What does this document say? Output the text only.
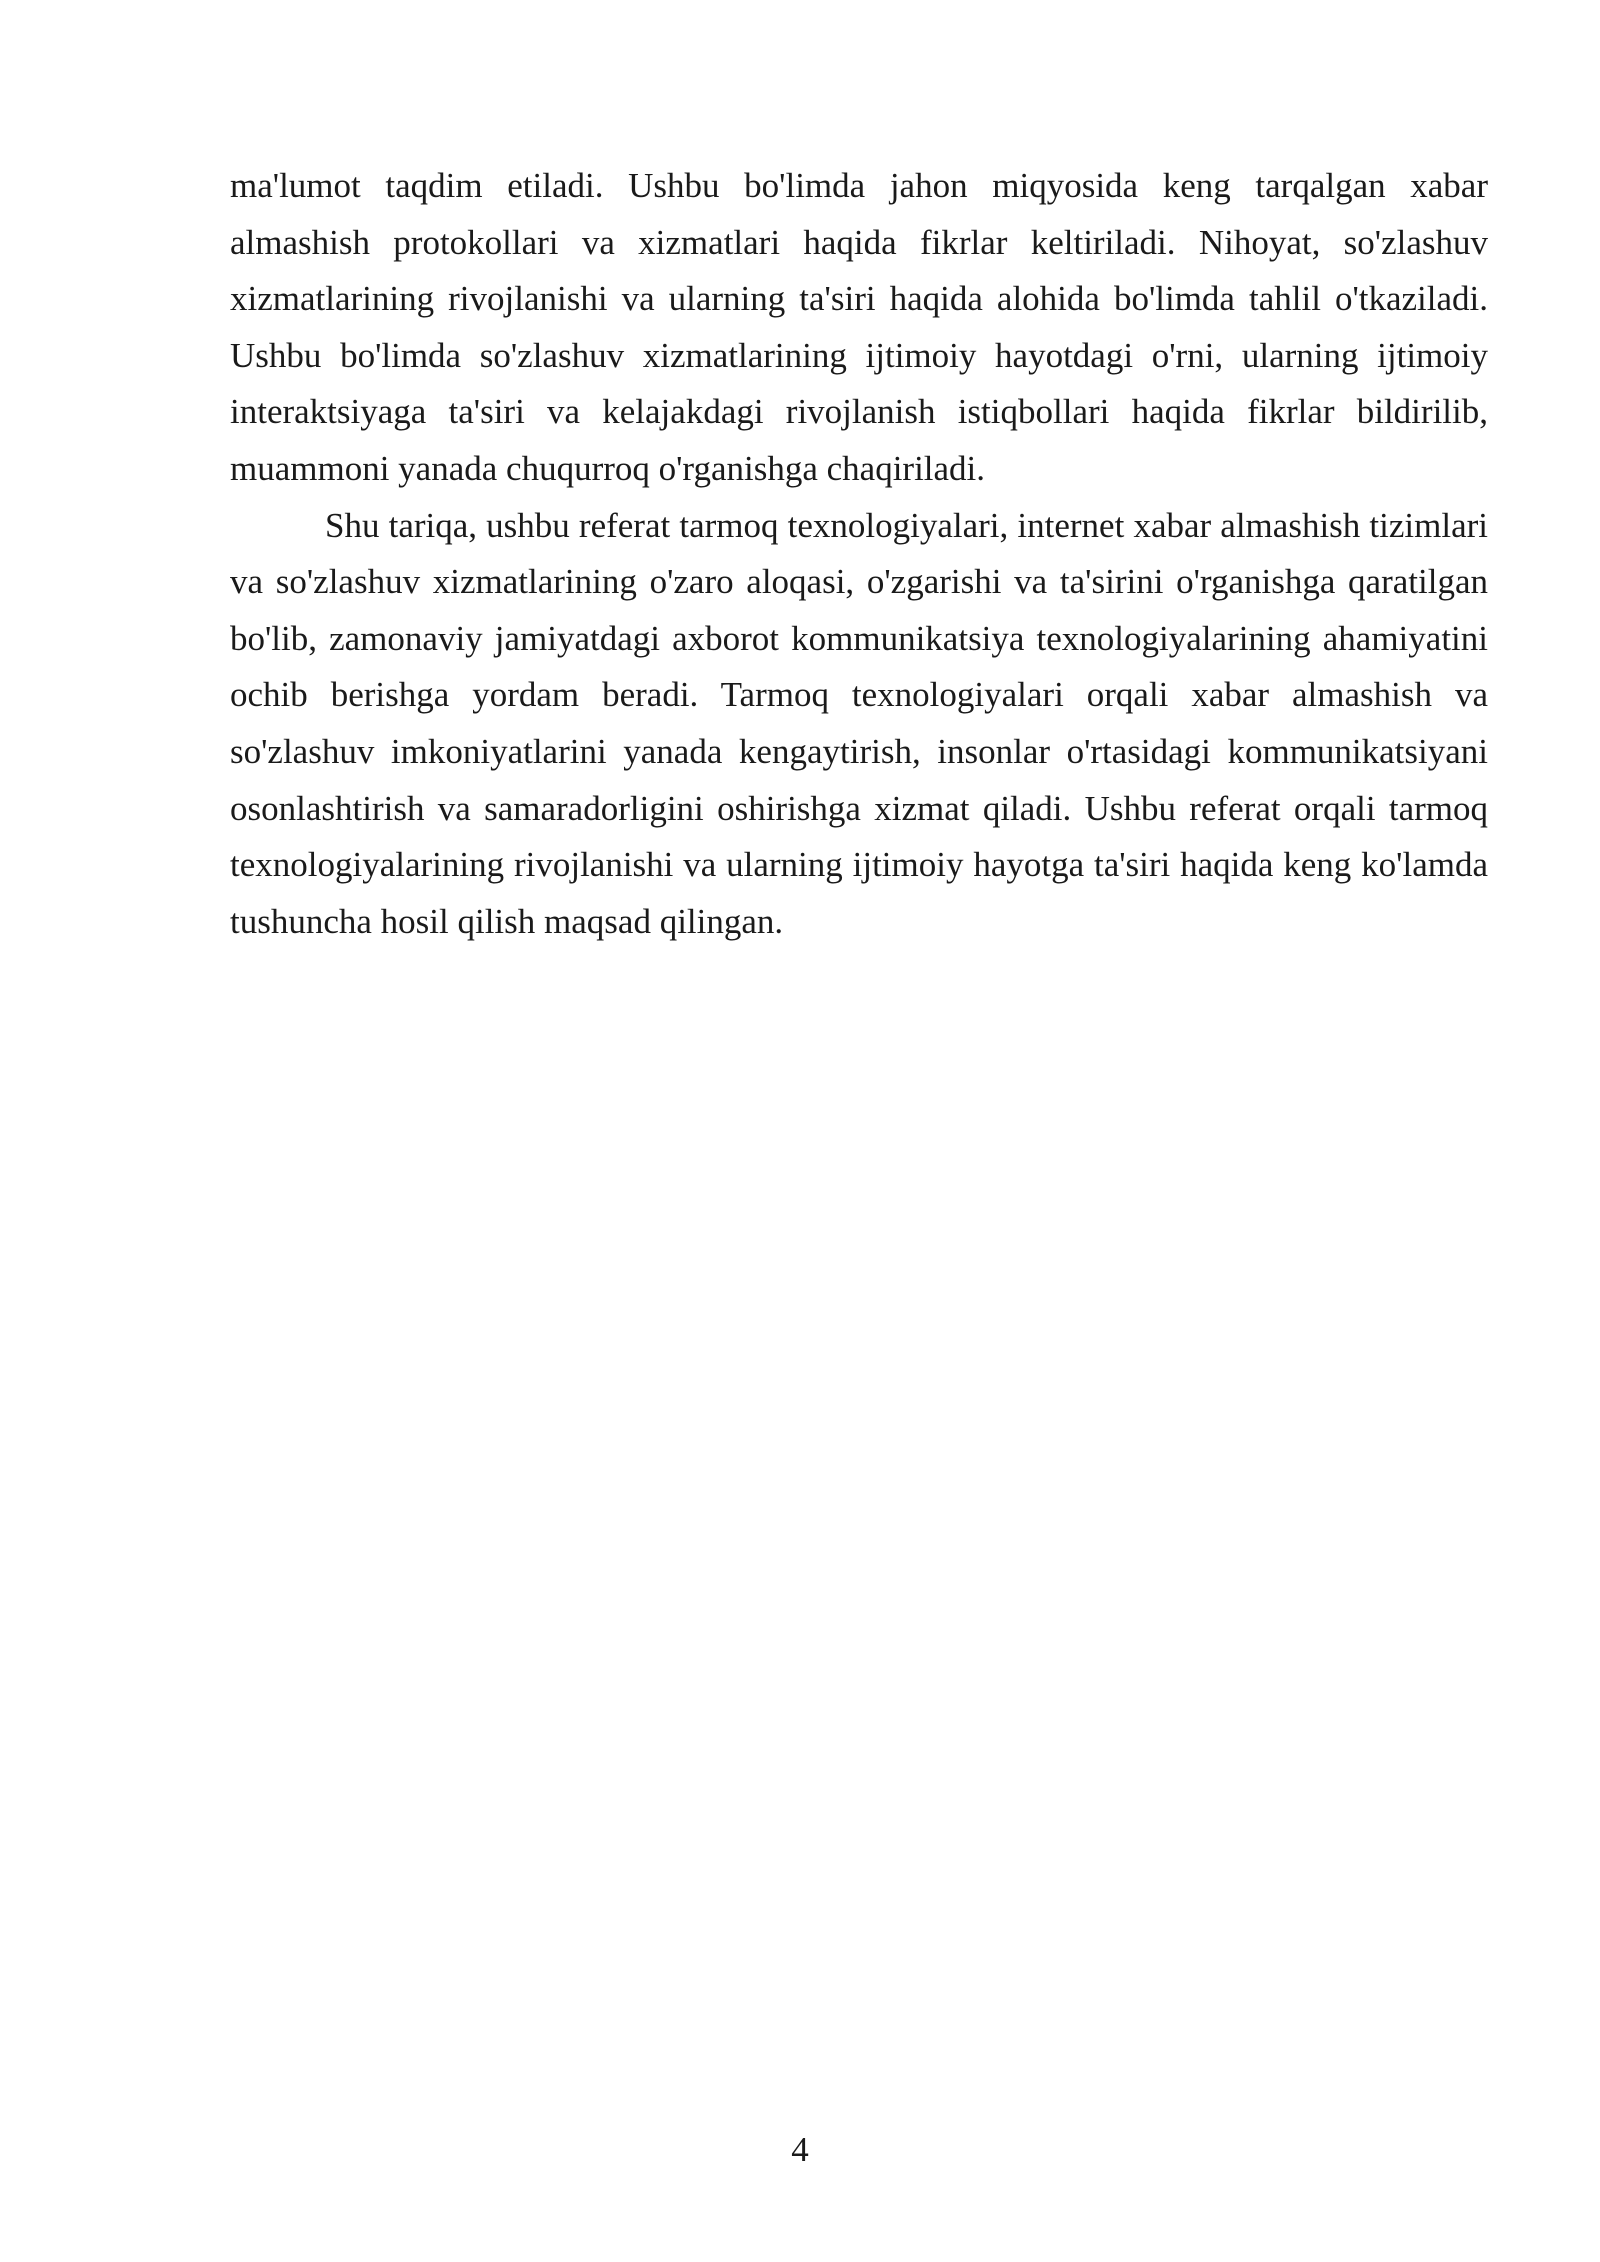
ma'lumot taqdim etiladi. Ushbu bo'limda jahon miqyosida keng tarqalgan xabar almashish protokollari va xizmatlari haqida fikrlar keltiriladi. Nihoyat, so'zlashuv xizmatlarining rivojlanishi va ularning ta'siri haqida alohida bo'limda tahlil o'tkaziladi. Ushbu bo'limda so'zlashuv xizmatlarining ijtimoiy hayotdagi o'rni, ularning ijtimoiy interaktsiyaga ta'siri va kelajakdagi rivojlanish istiqbollari haqida fikrlar bildirilib, muammoni yanada chuqurroq o'rganishga chaqiriladi.

Shu tariqa, ushbu referat tarmoq texnologiyalari, internet xabar almashish tizimlari va so'zlashuv xizmatlarining o'zaro aloqasi, o'zgarishi va ta'sirini o'rganishga qaratilgan bo'lib, zamonaviy jamiyatdagi axborot kommunikatsiya texnologiyalarining ahamiyatini ochib berishga yordam beradi. Tarmoq texnologiyalari orqali xabar almashish va so'zlashuv imkoniyatlarini yanada kengaytirish, insonlar o'rtasidagi kommunikatsiyani osonlashtirish va samaradorligini oshirishga xizmat qiladi. Ushbu referat orqali tarmoq texnologiyalarining rivojlanishi va ularning ijtimoiy hayotga ta'siri haqida keng ko'lamda tushuncha hosil qilish maqsad qilingan.

4
